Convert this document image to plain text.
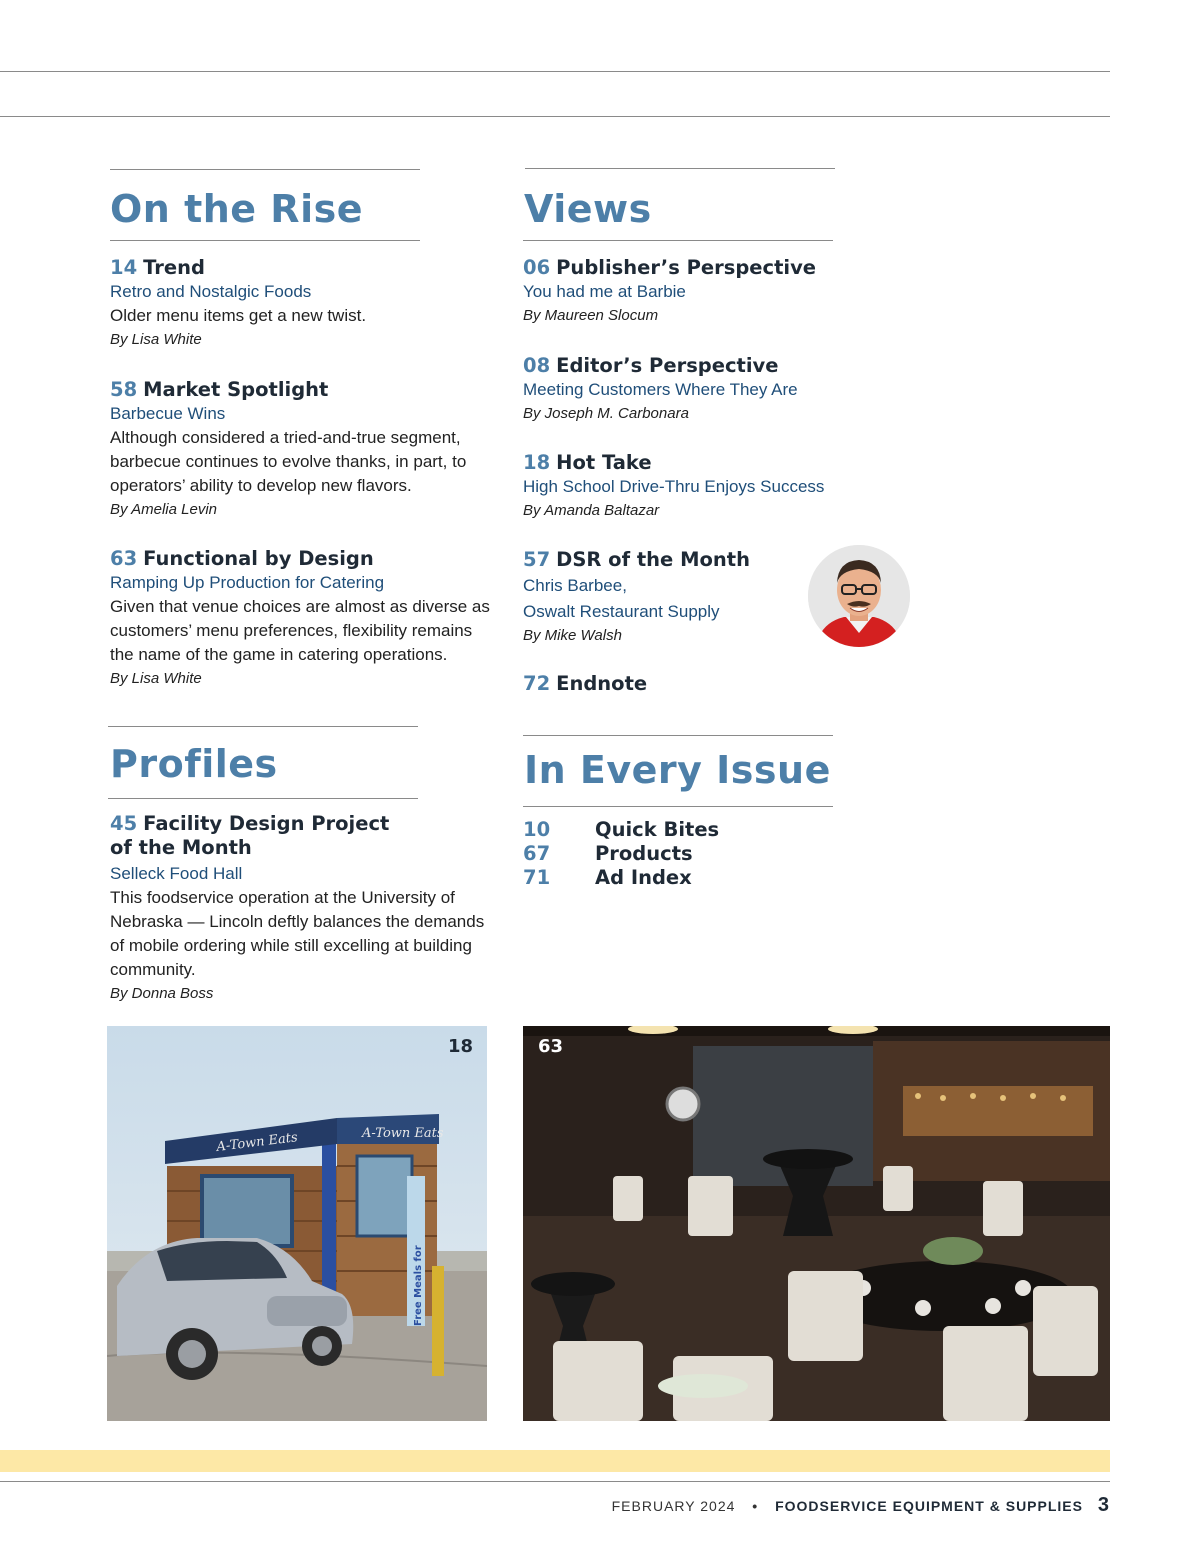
On the Rise
14 Trend
Retro and Nostalgic Foods
Older menu items get a new twist.
By Lisa White
58 Market Spotlight
Barbecue Wins
Although considered a tried-and-true segment, barbecue continues to evolve thanks, in part, to operators’ ability to develop new flavors.
By Amelia Levin
63 Functional by Design
Ramping Up Production for Catering
Given that venue choices are almost as diverse as customers’ menu preferences, flexibility remains the name of the game in catering operations.
By Lisa White
Views
06 Publisher’s Perspective
You had me at Barbie
By Maureen Slocum
08 Editor’s Perspective
Meeting Customers Where They Are
By Joseph M. Carbonara
18 Hot Take
High School Drive-Thru Enjoys Success
By Amanda Baltazar
57 DSR of the Month
Chris Barbee,
Oswalt Restaurant Supply
By Mike Walsh
72 Endnote
Profiles
45 Facility Design Project
of the Month
Selleck Food Hall
This foodservice operation at the University of Nebraska — Lincoln deftly balances the demands of mobile ordering while still excelling at building community.
By Donna Boss
In Every Issue
10 Quick Bites
67 Products
71 Ad Index
A-Town Eats	A-Town Eats
Free Meals for
18	63
FEBRUARY 2024 • FOODSERVICE EQUIPMENT & SUPPLIES 3
